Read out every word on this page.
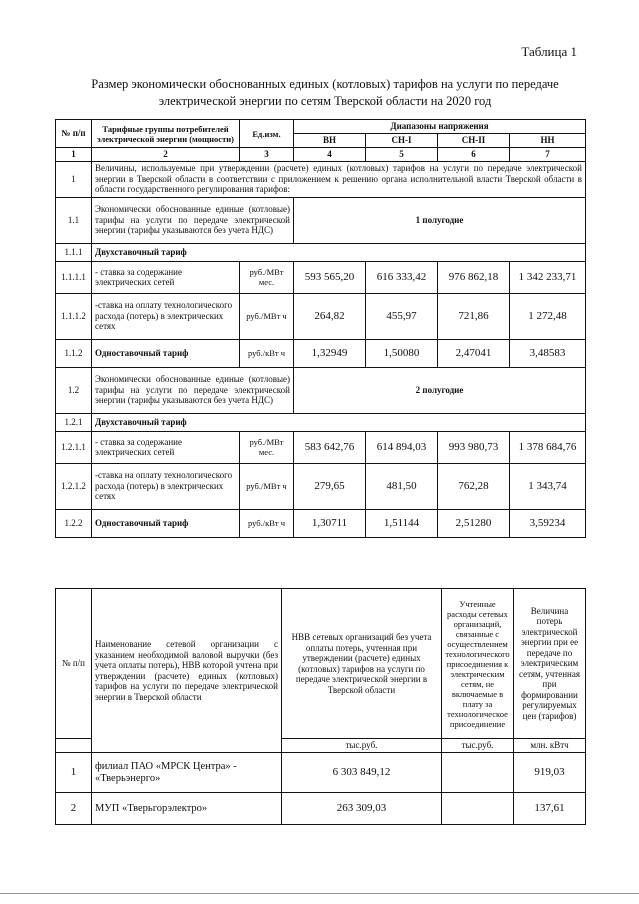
Таблица 1
Размер экономически обоснованных единых (котловых) тарифов на услуги по передаче
электрической энергии по сетям Тверской области на 2020 год
№ п/п	Тарифные группы потребителей электрической энергии (мощности)	Ед.изм.	Диапазоны напряжения			
			ВН	СН-I	СН-II	НН
1	2	3	4	5	6	7
1	Величины, используемые при утверждении (расчете) единых (котловых) тарифов на услуги по передаче электрической энергии в Тверской области в соответствии с приложением к решению органа исполнительной власти Тверской области в области государственного регулирования тарифов:					
1.1	Экономически обоснованные единые (котловые) тарифы на услуги по передаче электрической энергии (тарифы указываются без учета НДС)		1 полугодие			
1.1.1	Двухставочный тариф					
1.1.1.1	- ставка за содержание электрических сетей	руб./МВт мес.	593 565,20	616 333,42	976 862,18	1 342 233,71
1.1.1.2	-ставка на оплату технологического расхода (потерь) в электрических сетях	руб./МВт ч	264,82	455,97	721,86	1 272,48
1.1.2	Одноставочный тариф	руб./кВт ч	1,32949	1,50080	2,47041	3,48583
1.2	Экономически обоснованные единые (котловые) тарифы на услуги по передаче электрической энергии (тарифы указываются без учета НДС)		2 полугодие			
1.2.1	Двухставочный тариф					
1.2.1.1	- ставка за содержание электрических сетей	руб./МВт мес.	583 642,76	614 894,03	993 980,73	1 378 684,76
1.2.1.2	-ставка на оплату технологического расхода (потерь) в электрических сетях	руб./МВт ч	279,65	481,50	762,28	1 343,74
1.2.2	Одноставочный тариф	руб./кВт ч	1,30711	1,51144	2,51280	3,59234
№ п/п	Наименование сетевой организации с указанием необходимой валовой выручки (без учета оплаты потерь), НВВ которой учтена при утверждении (расчете) единых (котловых) тарифов на услуги по передаче электрической энергии в Тверской области	НВВ сетевых организаций без учета оплаты потерь, учтенная при утверждении (расчете) единых (котловых) тарифов на услуги по передаче электрической энергии в Тверской области	Учтенные расходы сетевых организаций, связанные с осуществлением технологического присоединения к электрическим сетям, не включаемые в плату за технологическое присоединение	Величина потерь электрической энергии при ее передаче по электрическим сетям, учтенная при формировании регулируемых цен (тарифов)
		тыс.руб.	тыс.руб.	млн. кВтч
1	филиал ПАО «МРСК Центра» - «Тверьэнерго»	6 303 849,12		919,03
2	МУП «Тверьгорэлектро»	263 309,03		137,61
